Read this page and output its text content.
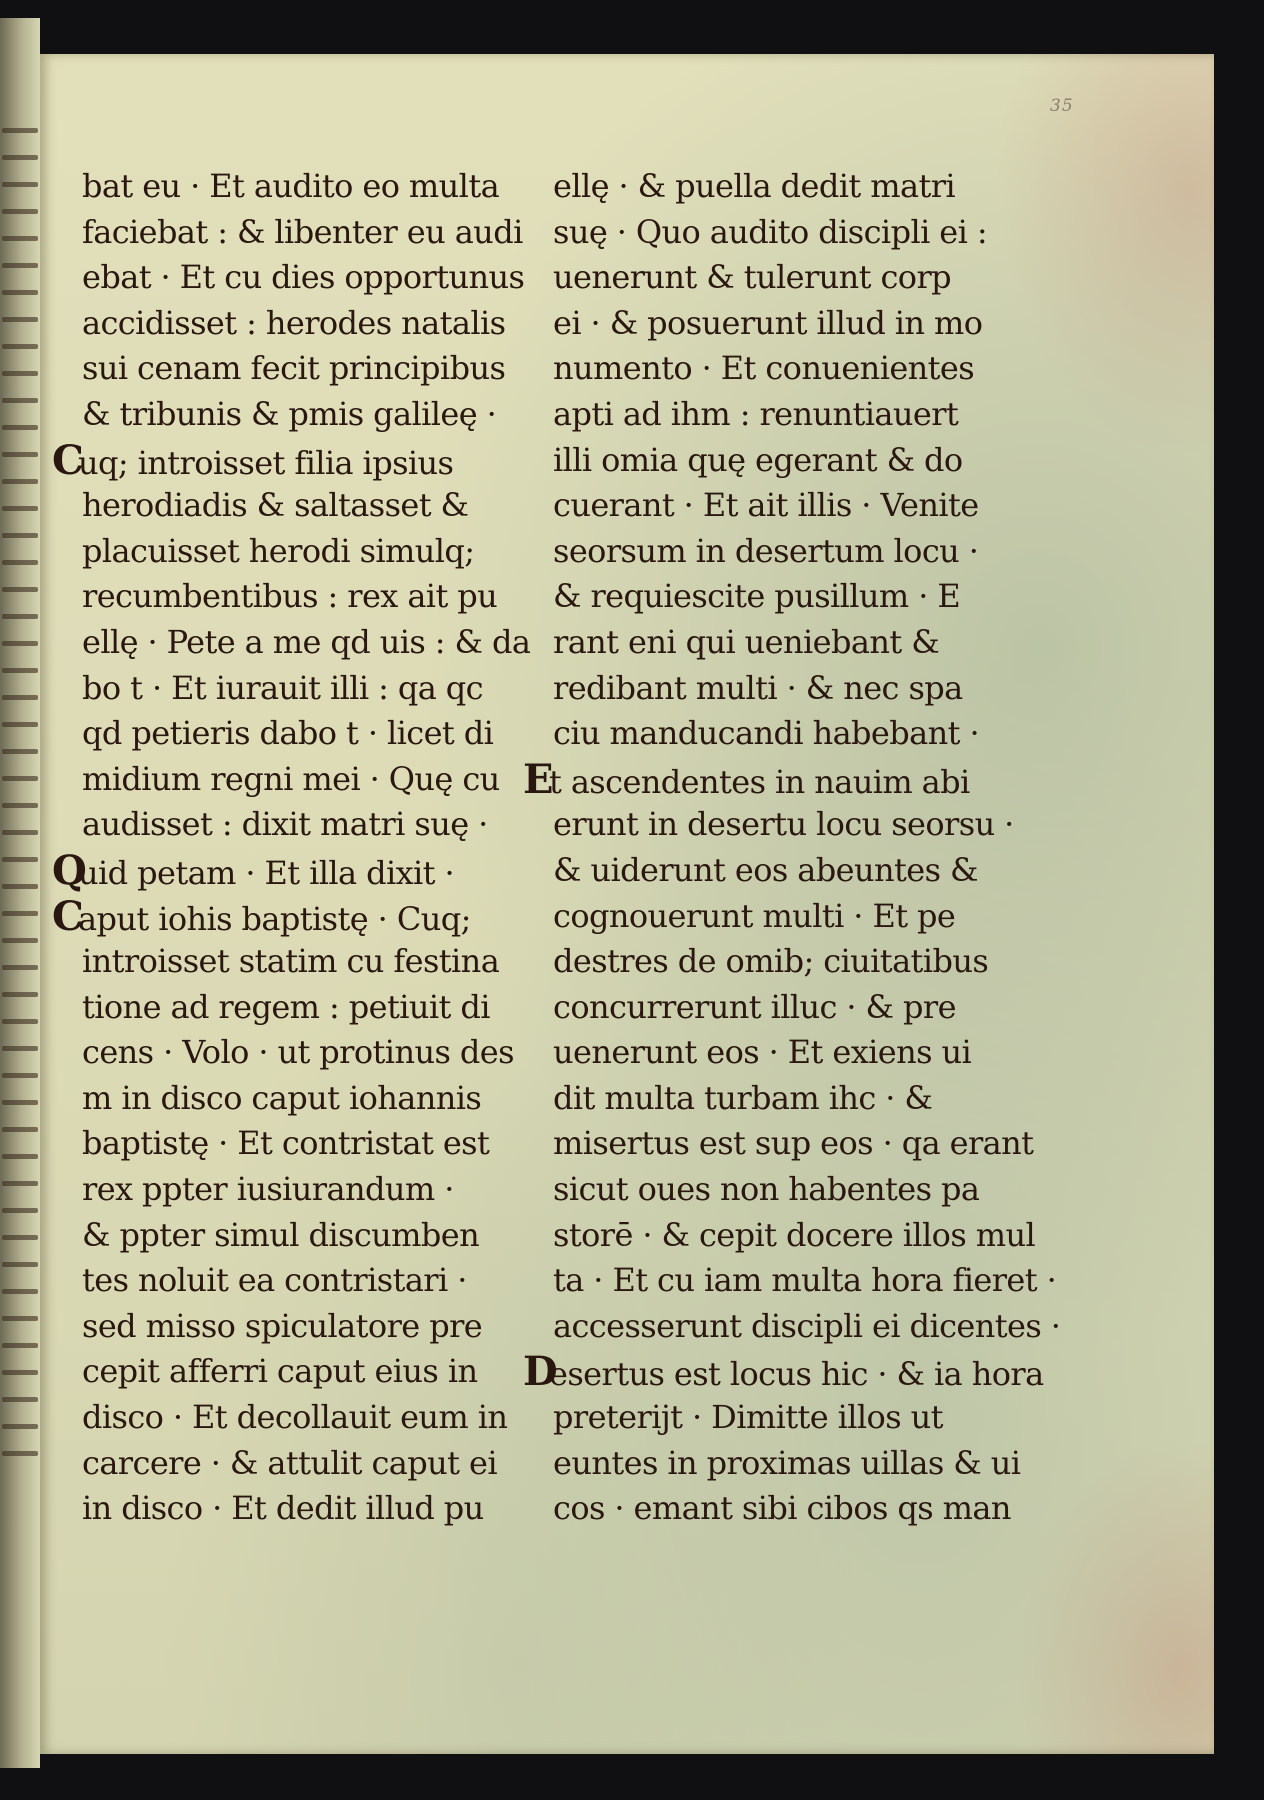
35
bat eu · Et audito eo multa
faciebat : & libenter eu audi
ebat · Et cu dies opportunus
accidisset : herodes natalis
sui cenam fecit principibus
& tribunis & pmis galileę ·
Cuq; introisset filia ipsius
herodiadis & saltasset &
placuisset herodi simulq;
recumbentibus : rex ait pu
ellę · Pete a me qd uis : & da
bo t · Et iurauit illi : qa qc
qd petieris dabo t · licet di
midium regni mei · Quę cu
audisset : dixit matri suę ·
Quid petam · Et illa dixit ·
Caput iohis baptistę · Cuq;
introisset statim cu festina
tione ad regem : petiuit di
cens · Volo · ut protinus des
m in disco caput iohannis
baptistę · Et contristat est
rex ppter iusiurandum ·
& ppter simul discumben
tes noluit ea contristari ·
sed misso spiculatore pre
cepit afferri caput eius in
disco · Et decollauit eum in
carcere · & attulit caput ei
in disco · Et dedit illud pu
ellę · & puella dedit matri
suę · Quo audito discipli ei :
uenerunt & tulerunt corp
ei · & posuerunt illud in mo
numento · Et conuenientes
apti ad ihm : renuntiauert
illi omia quę egerant & do
cuerant · Et ait illis · Venite
seorsum in desertum locu ·
& requiescite pusillum · E
rant eni qui ueniebant &
redibant multi · & nec spa
ciu manducandi habebant ·
Et ascendentes in nauim abi
erunt in desertu locu seorsu ·
& uiderunt eos abeuntes &
cognouerunt multi · Et pe
destres de omib; ciuitatibus
concurrerunt illuc · & pre
uenerunt eos · Et exiens ui
dit multa turbam ihc · &
misertus est sup eos · qa erant
sicut oues non habentes pa
storē · & cepit docere illos mul
ta · Et cu iam multa hora fieret ·
accesserunt discipli ei dicentes ·
Desertus est locus hic · & ia hora
preterijt · Dimitte illos ut
euntes in proximas uillas & ui
cos · emant sibi cibos qs man
